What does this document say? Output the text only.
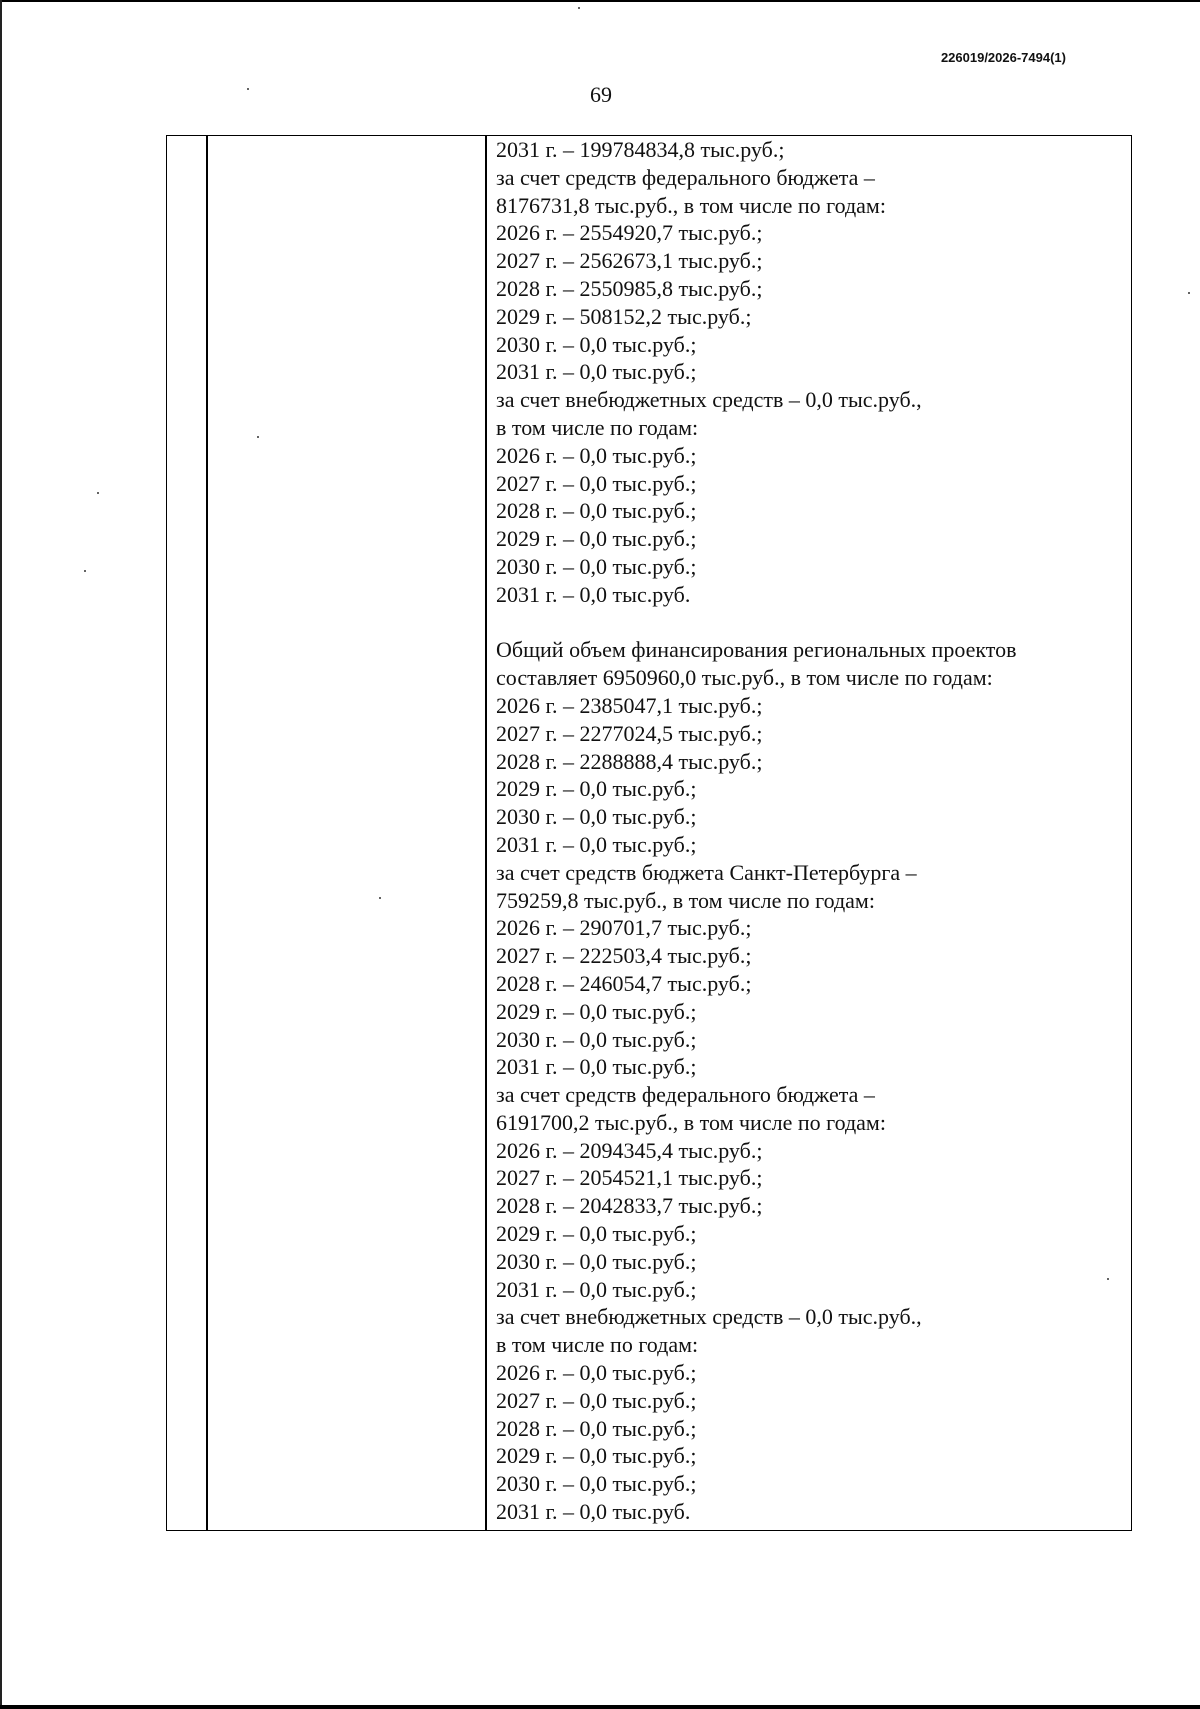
226019/2026-7494(1)
69
2031 г. – 199784834,8 тыс.руб.;
за счет средств федерального бюджета –
8176731,8 тыс.руб., в том числе по годам:
2026 г. – 2554920,7 тыс.руб.;
2027 г. – 2562673,1 тыс.руб.;
2028 г. – 2550985,8 тыс.руб.;
2029 г. – 508152,2 тыс.руб.;
2030 г. – 0,0 тыс.руб.;
2031 г. – 0,0 тыс.руб.;
за счет внебюджетных средств – 0,0 тыс.руб.,
в том числе по годам:
2026 г. – 0,0 тыс.руб.;
2027 г. – 0,0 тыс.руб.;
2028 г. – 0,0 тыс.руб.;
2029 г. – 0,0 тыс.руб.;
2030 г. – 0,0 тыс.руб.;
2031 г. – 0,0 тыс.руб.
Общий объем финансирования региональных проектов
составляет 6950960,0 тыс.руб., в том числе по годам:
2026 г. – 2385047,1 тыс.руб.;
2027 г. – 2277024,5 тыс.руб.;
2028 г. – 2288888,4 тыс.руб.;
2029 г. – 0,0 тыс.руб.;
2030 г. – 0,0 тыс.руб.;
2031 г. – 0,0 тыс.руб.;
за счет средств бюджета Санкт-Петербурга –
759259,8 тыс.руб., в том числе по годам:
2026 г. – 290701,7 тыс.руб.;
2027 г. – 222503,4 тыс.руб.;
2028 г. – 246054,7 тыс.руб.;
2029 г. – 0,0 тыс.руб.;
2030 г. – 0,0 тыс.руб.;
2031 г. – 0,0 тыс.руб.;
за счет средств федерального бюджета –
6191700,2 тыс.руб., в том числе по годам:
2026 г. – 2094345,4 тыс.руб.;
2027 г. – 2054521,1 тыс.руб.;
2028 г. – 2042833,7 тыс.руб.;
2029 г. – 0,0 тыс.руб.;
2030 г. – 0,0 тыс.руб.;
2031 г. – 0,0 тыс.руб.;
за счет внебюджетных средств – 0,0 тыс.руб.,
в том числе по годам:
2026 г. – 0,0 тыс.руб.;
2027 г. – 0,0 тыс.руб.;
2028 г. – 0,0 тыс.руб.;
2029 г. – 0,0 тыс.руб.;
2030 г. – 0,0 тыс.руб.;
2031 г. – 0,0 тыс.руб.
